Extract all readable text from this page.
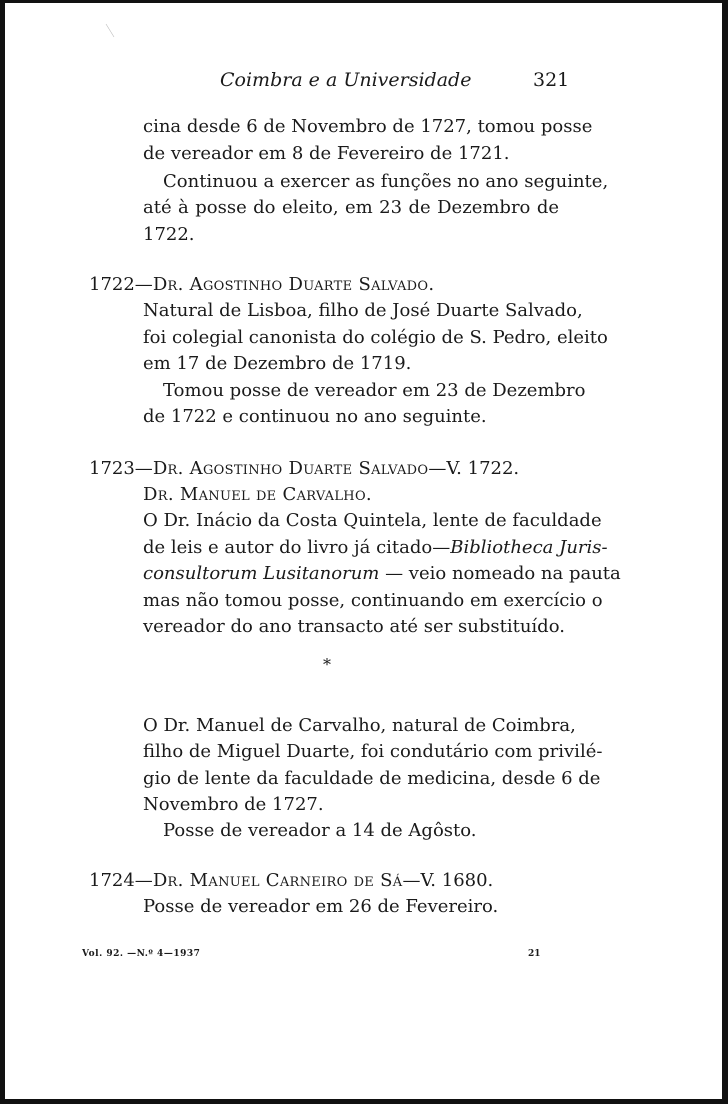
Coimbra e a Universidade	321

cina desde 6 de Novembro de 1727, tomou posse

de vereador em 8 de Fevereiro de 1721.

Continuou a exercer as funções no ano seguinte,

até à posse do eleito, em 23 de Dezembro de

1722.

1722—Dr. Agostinho Duarte Salvado.

Natural de Lisboa, filho de José Duarte Salvado,

foi colegial canonista do colégio de S. Pedro, eleito

em 17 de Dezembro de 1719.

Tomou posse de vereador em 23 de Dezembro

de 1722 e continuou no ano seguinte.

1723—Dr. Agostinho Duarte Salvado—V. 1722.

Dr. Manuel de Carvalho.

O Dr. Inácio da Costa Quintela, lente de faculdade

de leis e autor do livro já citado—Bibliotheca Juris-

consultorum Lusitanorum — veio nomeado na pauta

mas não tomou posse, continuando em exercício o

vereador do ano transacto até ser substituído.

*

O Dr. Manuel de Carvalho, natural de Coimbra,

filho de Miguel Duarte, foi condutário com privilé-

gio de lente da faculdade de medicina, desde 6 de

Novembro de 1727.

Posse de vereador a 14 de Agôsto.

1724—Dr. Manuel Carneiro de Sá—V. 1680.

Posse de vereador em 26 de Fevereiro.

Vol. 92. —N.º 4—1937	21
